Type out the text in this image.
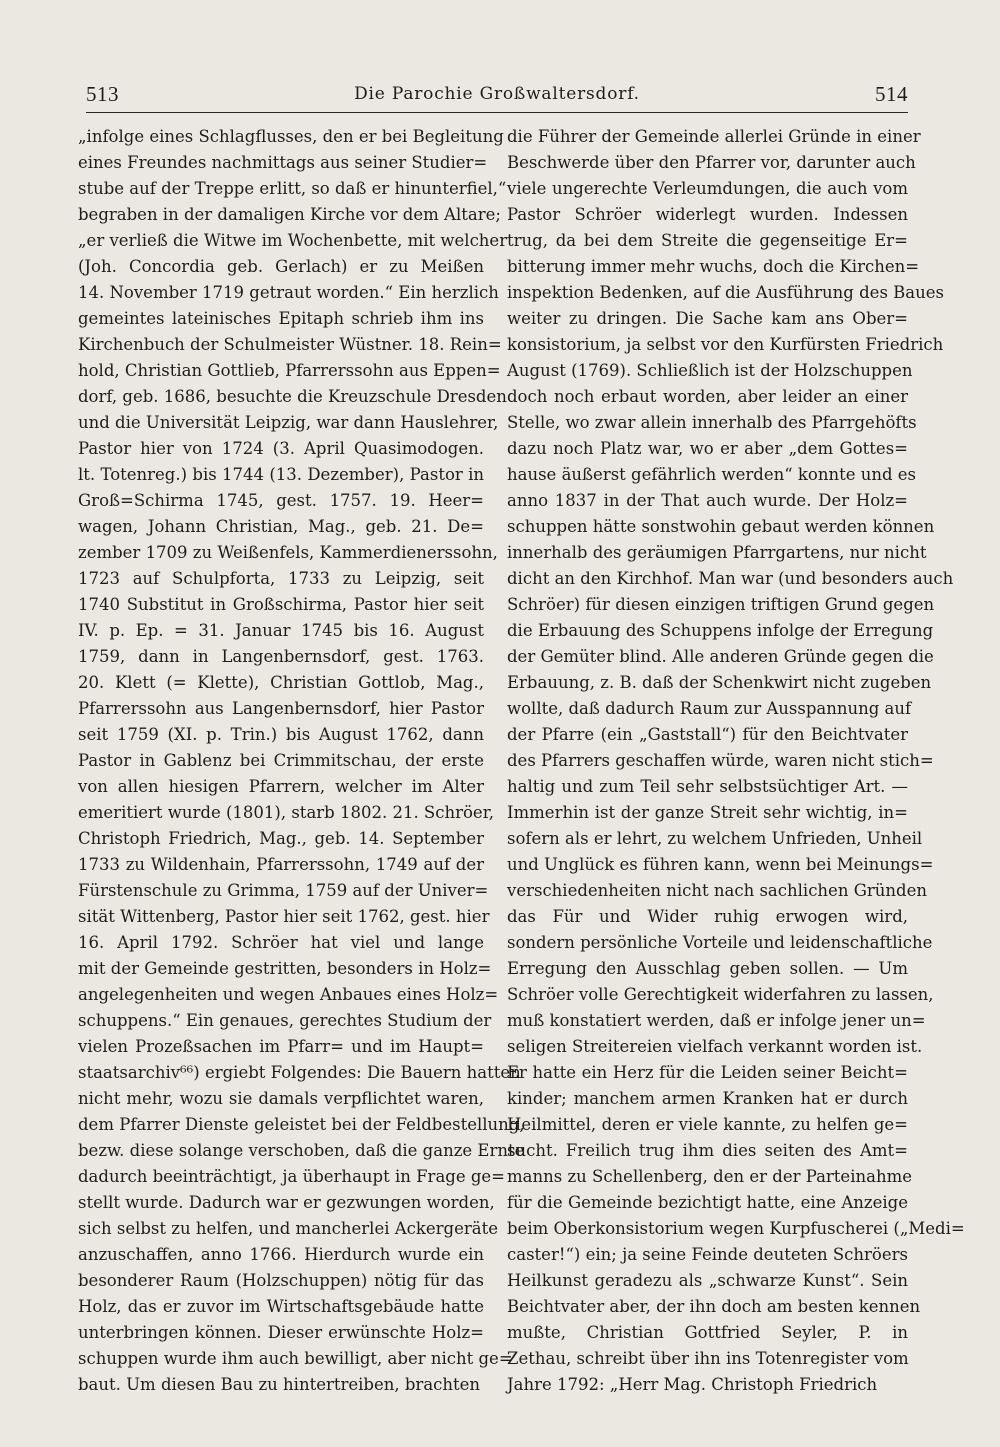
513	Die Parochie Großwaltersdorf.	514
„infolge eines Schlagflusses, den er bei Begleitung
eines Freundes nachmittags aus seiner Studier=
stube auf der Treppe erlitt, so daß er hinunterfiel,“
begraben in der damaligen Kirche vor dem Altare;
„er verließ die Witwe im Wochenbette, mit welcher
(Joh. Concordia geb. Gerlach) er zu Meißen
14. November 1719 getraut worden.“ Ein herzlich
gemeintes lateinisches Epitaph schrieb ihm ins
Kirchenbuch der Schulmeister Wüstner. 18. Rein=
hold, Christian Gottlieb, Pfarrerssohn aus Eppen=
dorf, geb. 1686, besuchte die Kreuzschule Dresden
und die Universität Leipzig, war dann Hauslehrer,
Pastor hier von 1724 (3. April Quasimodogen.
lt. Totenreg.) bis 1744 (13. Dezember), Pastor in
Groß=Schirma 1745, gest. 1757. 19. Heer=
wagen, Johann Christian, Mag., geb. 21. De=
zember 1709 zu Weißenfels, Kammerdienerssohn,
1723 auf Schulpforta, 1733 zu Leipzig, seit
1740 Substitut in Großschirma, Pastor hier seit
IV. p. Ep. = 31. Januar 1745 bis 16. August
1759, dann in Langenbernsdorf, gest. 1763.
20. Klett (= Klette), Christian Gottlob, Mag.,
Pfarrerssohn aus Langenbernsdorf, hier Pastor
seit 1759 (XI. p. Trin.) bis August 1762, dann
Pastor in Gablenz bei Crimmitschau, der erste
von allen hiesigen Pfarrern, welcher im Alter
emeritiert wurde (1801), starb 1802. 21. Schröer,
Christoph Friedrich, Mag., geb. 14. September
1733 zu Wildenhain, Pfarrerssohn, 1749 auf der
Fürstenschule zu Grimma, 1759 auf der Univer=
sität Wittenberg, Pastor hier seit 1762, gest. hier
16. April 1792. Schröer hat viel und lange
mit der Gemeinde gestritten, besonders in Holz=
angelegenheiten und wegen Anbaues eines Holz=
schuppens.“ Ein genaues, gerechtes Studium der
vielen Prozeßsachen im Pfarr= und im Haupt=
staatsarchiv⁶⁶) ergiebt Folgendes: Die Bauern hatten
nicht mehr, wozu sie damals verpflichtet waren,
dem Pfarrer Dienste geleistet bei der Feldbestellung,
bezw. diese solange verschoben, daß die ganze Ernte
dadurch beeinträchtigt, ja überhaupt in Frage ge=
stellt wurde. Dadurch war er gezwungen worden,
sich selbst zu helfen, und mancherlei Ackergeräte
anzuschaffen, anno 1766. Hierdurch wurde ein
besonderer Raum (Holzschuppen) nötig für das
Holz, das er zuvor im Wirtschaftsgebäude hatte
unterbringen können. Dieser erwünschte Holz=
schuppen wurde ihm auch bewilligt, aber nicht ge=
baut. Um diesen Bau zu hintertreiben, brachten
die Führer der Gemeinde allerlei Gründe in einer
Beschwerde über den Pfarrer vor, darunter auch
viele ungerechte Verleumdungen, die auch vom
Pastor Schröer widerlegt wurden. Indessen
trug, da bei dem Streite die gegenseitige Er=
bitterung immer mehr wuchs, doch die Kirchen=
inspektion Bedenken, auf die Ausführung des Baues
weiter zu dringen. Die Sache kam ans Ober=
konsistorium, ja selbst vor den Kurfürsten Friedrich
August (1769). Schließlich ist der Holzschuppen
doch noch erbaut worden, aber leider an einer
Stelle, wo zwar allein innerhalb des Pfarrgehöfts
dazu noch Platz war, wo er aber „dem Gottes=
hause äußerst gefährlich werden“ konnte und es
anno 1837 in der That auch wurde. Der Holz=
schuppen hätte sonstwohin gebaut werden können
innerhalb des geräumigen Pfarrgartens, nur nicht
dicht an den Kirchhof. Man war (und besonders auch
Schröer) für diesen einzigen triftigen Grund gegen
die Erbauung des Schuppens infolge der Erregung
der Gemüter blind. Alle anderen Gründe gegen die
Erbauung, z. B. daß der Schenkwirt nicht zugeben
wollte, daß dadurch Raum zur Ausspannung auf
der Pfarre (ein „Gaststall“) für den Beichtvater
des Pfarrers geschaffen würde, waren nicht stich=
haltig und zum Teil sehr selbstsüchtiger Art. —
Immerhin ist der ganze Streit sehr wichtig, in=
sofern als er lehrt, zu welchem Unfrieden, Unheil
und Unglück es führen kann, wenn bei Meinungs=
verschiedenheiten nicht nach sachlichen Gründen
das Für und Wider ruhig erwogen wird,
sondern persönliche Vorteile und leidenschaftliche
Erregung den Ausschlag geben sollen. — Um
Schröer volle Gerechtigkeit widerfahren zu lassen,
muß konstatiert werden, daß er infolge jener un=
seligen Streitereien vielfach verkannt worden ist.
Er hatte ein Herz für die Leiden seiner Beicht=
kinder; manchem armen Kranken hat er durch
Heilmittel, deren er viele kannte, zu helfen ge=
sucht. Freilich trug ihm dies seiten des Amt=
manns zu Schellenberg, den er der Parteinahme
für die Gemeinde bezichtigt hatte, eine Anzeige
beim Oberkonsistorium wegen Kurpfuscherei („Medi=
caster!“) ein; ja seine Feinde deuteten Schröers
Heilkunst geradezu als „schwarze Kunst“. Sein
Beichtvater aber, der ihn doch am besten kennen
mußte, Christian Gottfried Seyler, P. in
Zethau, schreibt über ihn ins Totenregister vom
Jahre 1792: „Herr Mag. Christoph Friedrich
